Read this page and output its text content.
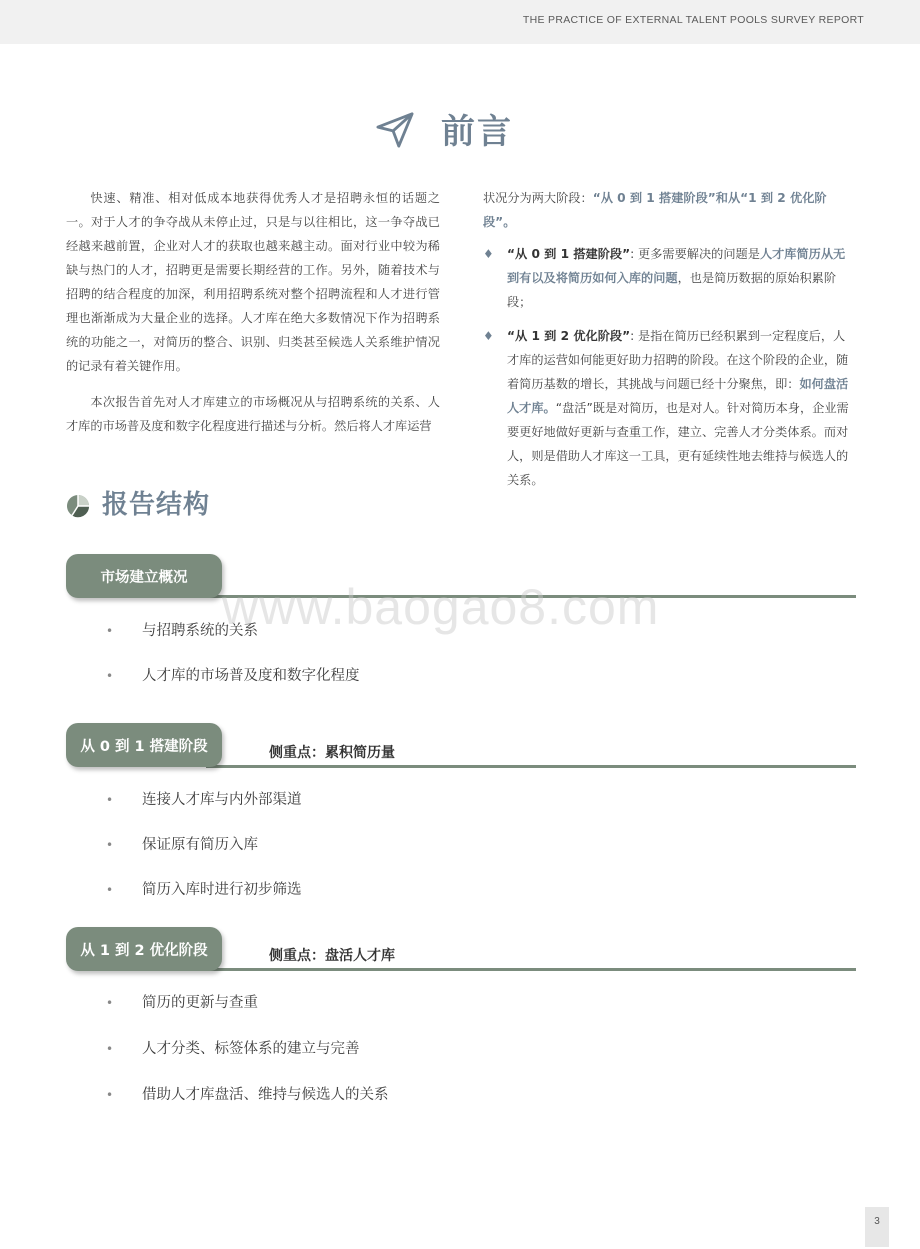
THE PRACTICE OF EXTERNAL TALENT POOLS SURVEY REPORT
前言

快速、精准、相对低成本地获得优秀人才是招聘永恒的话题之一。对于人才的争夺战从未停止过，只是与以往相比，这一争夺战已经越来越前置，企业对人才的获取也越来越主动。面对行业中较为稀缺与热门的人才，招聘更是需要长期经营的工作。另外，随着技术与招聘的结合程度的加深，利用招聘系统对整个招聘流程和人才进行管理也渐渐成为大量企业的选择。人才库在绝大多数情况下作为招聘系统的功能之一，对简历的整合、识别、归类甚至候选人关系维护情况的记录有着关键作用。

本次报告首先对人才库建立的市场概况从与招聘系统的关系、人才库的市场普及度和数字化程度进行描述与分析。然后将人才库运营

状况分为两大阶段：“从 0 到 1 搭建阶段”和从“1 到 2 优化阶段”。

♦ “从 0 到 1 搭建阶段”: 更多需要解决的问题是人才库简历从无到有以及将简历如何入库的问题，也是简历数据的原始积累阶段；
♦ “从 1 到 2 优化阶段”: 是指在简历已经积累到一定程度后，人才库的运营如何能更好助力招聘的阶段。在这个阶段的企业，随着简历基数的增长，其挑战与问题已经十分聚焦，即：如何盘活人才库。“盘活”既是对简历，也是对人。针对简历本身，企业需要更好地做好更新与查重工作，建立、完善人才分类体系。而对人，则是借助人才库这一工具，更有延续性地去维持与候选人的关系。
报告结构
www.baogao8.com
市场建立概况
• 与招聘系统的关系
• 人才库的市场普及度和数字化程度
从 0 到 1 搭建阶段	侧重点：累积简历量
• 连接人才库与内外部渠道
• 保证原有简历入库
• 简历入库时进行初步筛选
从 1 到 2 优化阶段	侧重点：盘活人才库
• 简历的更新与查重
• 人才分类、标签体系的建立与完善
• 借助人才库盘活、维持与候选人的关系
3
